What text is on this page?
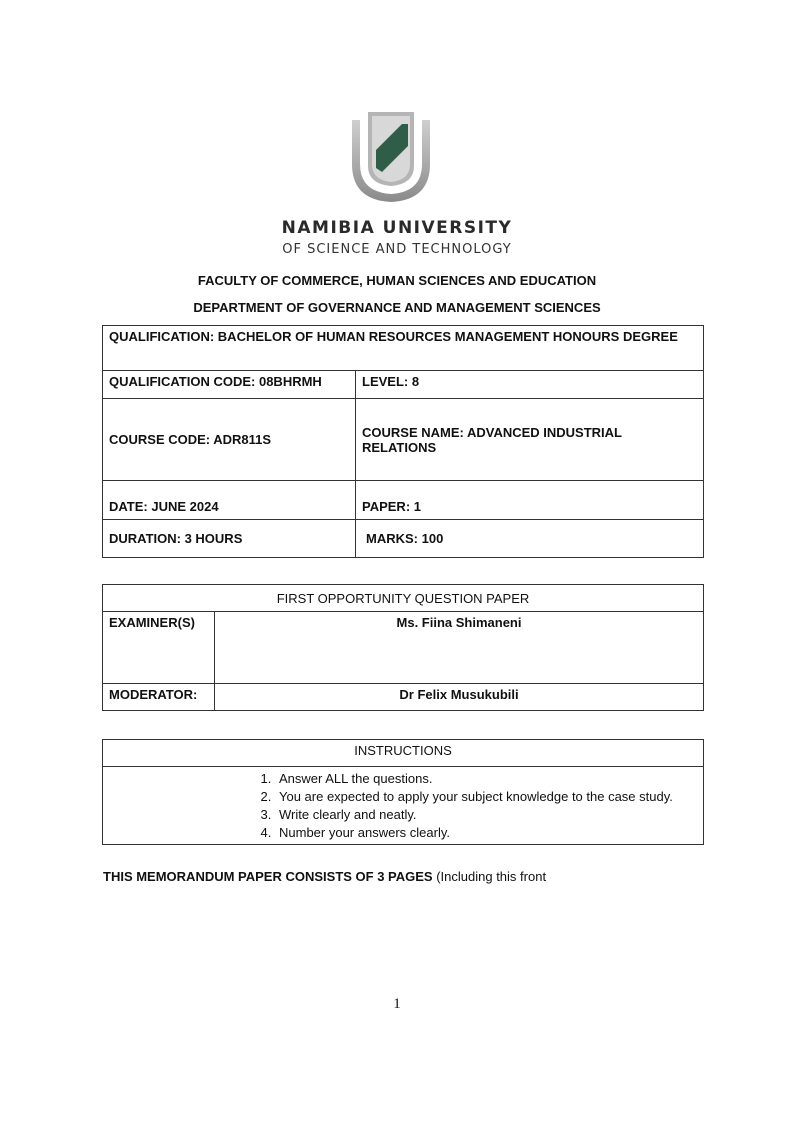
NAMIBIA UNIVERSITY
OF SCIENCE AND TECHNOLOGY
FACULTY OF COMMERCE, HUMAN SCIENCES AND EDUCATION
DEPARTMENT OF GOVERNANCE AND MANAGEMENT SCIENCES
QUALIFICATION: BACHELOR OF HUMAN RESOURCES MANAGEMENT HONOURS DEGREE	
QUALIFICATION CODE: 08BHRMH	LEVEL: 8
COURSE CODE: ADR811S	COURSE NAME: ADVANCED INDUSTRIAL RELATIONS
DATE: JUNE 2024	PAPER: 1
DURATION: 3 HOURS	MARKS: 100
FIRST OPPORTUNITY QUESTION PAPER	
EXAMINER(S)	Ms. Fiina Shimaneni
MODERATOR:	Dr Felix Musukubili
INSTRUCTIONS

1. Answer ALL the questions.
2. You are expected to apply your subject knowledge to the case study.
3. Write clearly and neatly.
4. Number your answers clearly.
THIS MEMORANDUM PAPER CONSISTS OF 3 PAGES (Including this front
1
